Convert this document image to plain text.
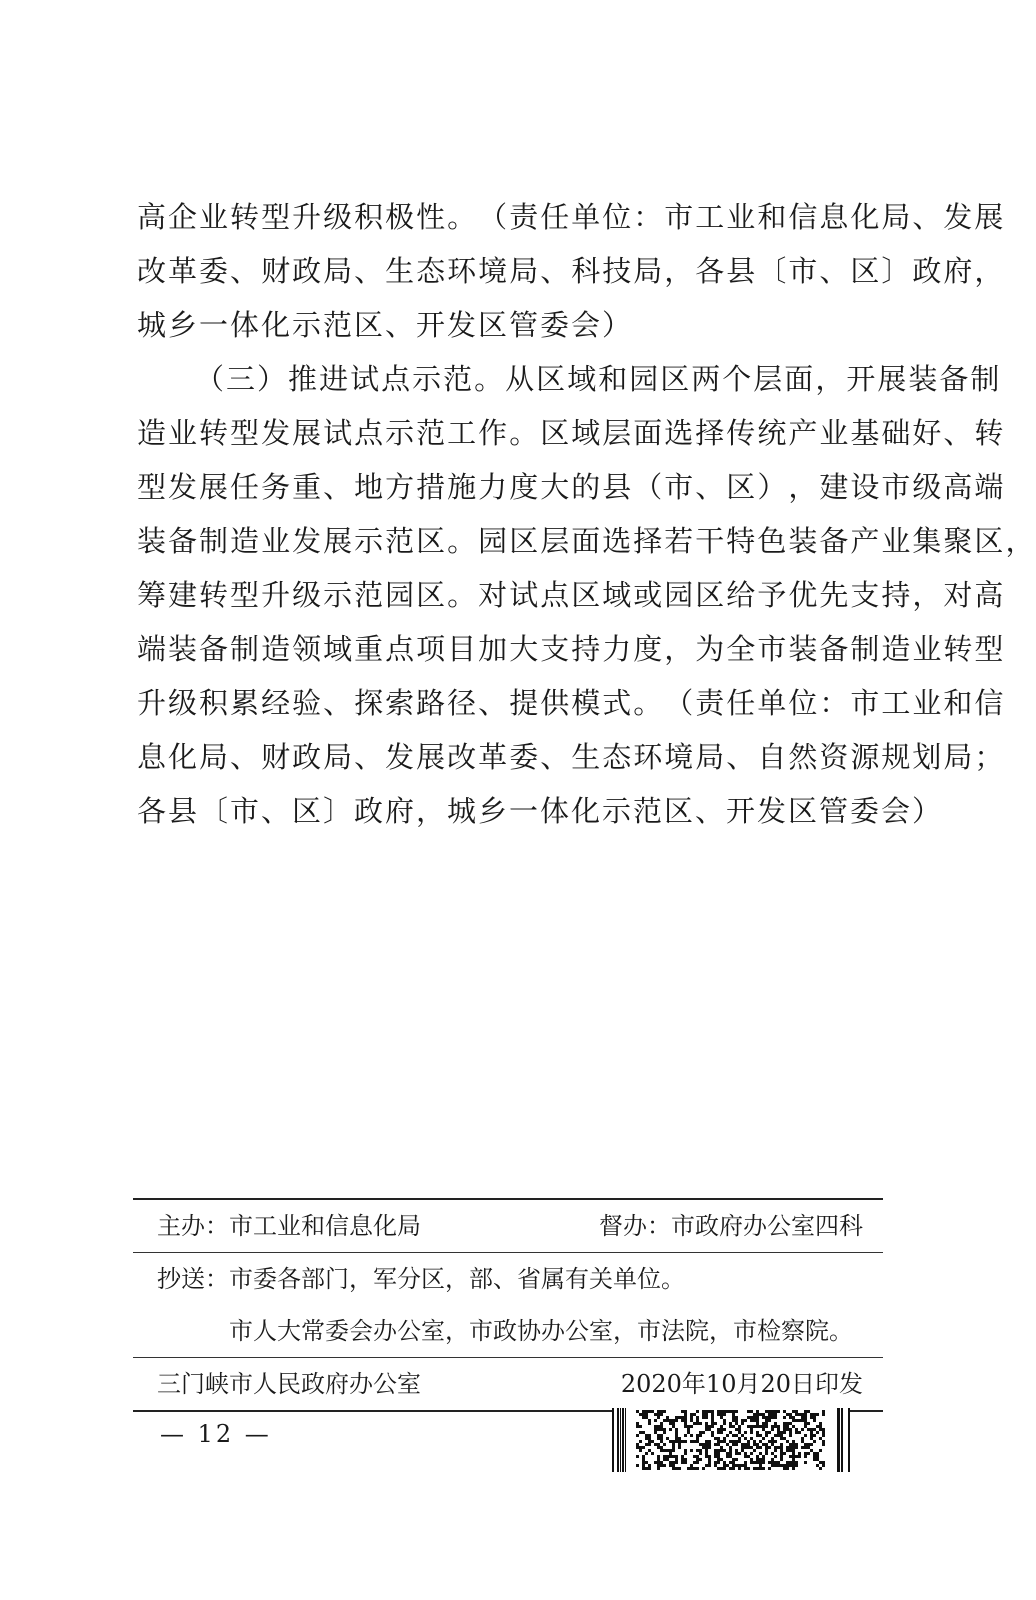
高 企 业 转 型 升 级 积 极 性 。 （ 责 任 单 位 ： 市 工 业 和 信 息 化 局 、 发 展
改 革 委 、 财 政 局 、 生 态 环 境 局 、 科 技 局 ， 各 县 〔 市 、 区 〕 政 府 ，
城乡一体化示范区、开发区管委会）
（ 三 ） 推 进 试 点 示 范 。 从 区 域 和 园 区 两 个 层 面 ， 开 展 装 备 制
造 业 转 型 发 展 试 点 示 范 工 作 。 区 域 层 面 选 择 传 统 产 业 基 础 好 、 转
型 发 展 任 务 重 、 地 方 措 施 力 度 大 的 县 （ 市 、 区 ） ， 建 设 市 级 高 端
装 备 制 造 业 发 展 示 范 区 。 园 区 层 面 选 择 若 干 特 色 装 备 产 业 集 聚 区 ，
筹 建 转 型 升 级 示 范 园 区 。 对 试 点 区 域 或 园 区 给 予 优 先 支 持 ， 对 高
端 装 备 制 造 领 域 重 点 项 目 加 大 支 持 力 度 ， 为 全 市 装 备 制 造 业 转 型
升 级 积 累 经 验 、 探 索 路 径 、 提 供 模 式 。 （ 责 任 单 位 ： 市 工 业 和 信
息 化 局 、 财 政 局 、 发 展 改 革 委 、 生 态 环 境 局 、 自 然 资 源 规 划 局 ；
各县〔市、区〕政府，城乡一体化示范区、开发区管委会）
主办：市工业和信息化局	督办：市政府办公室四科
抄送：市委各部门，军分区，部、省属有关单位。
市人大常委会办公室，市政协办公室，市法院，市检察院。
三门峡市人民政府办公室	2020年10月20日印发
— 12 —
